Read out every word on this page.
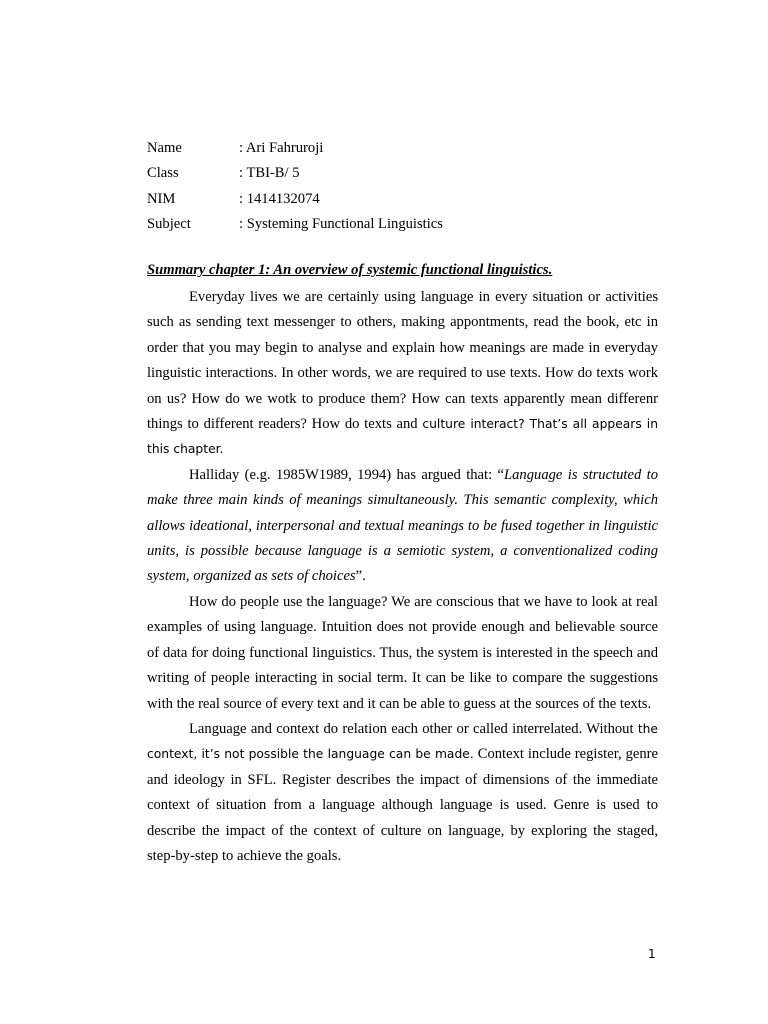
Name	: Ari Fahruroji
Class	: TBI-B/ 5
NIM	: 1414132074
Subject	: Systeming Functional Linguistics
Summary chapter 1: An overview of systemic functional linguistics.

Everyday lives we are certainly using language in every situation or activities such as sending text messenger to others, making appontments, read the book, etc in order that you may begin to analyse and explain how meanings are made in everyday linguistic interactions. In other words, we are required to use texts. How do texts work on us? How do we wotk to produce them? How can texts apparently mean differenr things to different readers? How do texts and culture interact? That’s all appears in this chapter.

Halliday (e.g. 1985W1989, 1994) has argued that: “Language is structuted to make three main kinds of meanings simultaneously. This semantic complexity, which allows ideational, interpersonal and textual meanings to be fused together in linguistic units, is possible because language is a semiotic system, a conventionalized coding system, organized as sets of choices”.

How do people use the language? We are conscious that we have to look at real examples of using language. Intuition does not provide enough and believable source of data for doing functional linguistics. Thus, the system is interested in the speech and writing of people interacting in social term. It can be like to compare the suggestions with the real source of every text and it can be able to guess at the sources of the texts.

Language and context do relation each other or called interrelated. Without the context, it’s not possible the language can be made. Context include register, genre and ideology in SFL. Register describes the impact of dimensions of the immediate context of situation from a language although language is used. Genre is used to describe the impact of the context of culture on language, by exploring the staged, step-by-step to achieve the goals.

1
